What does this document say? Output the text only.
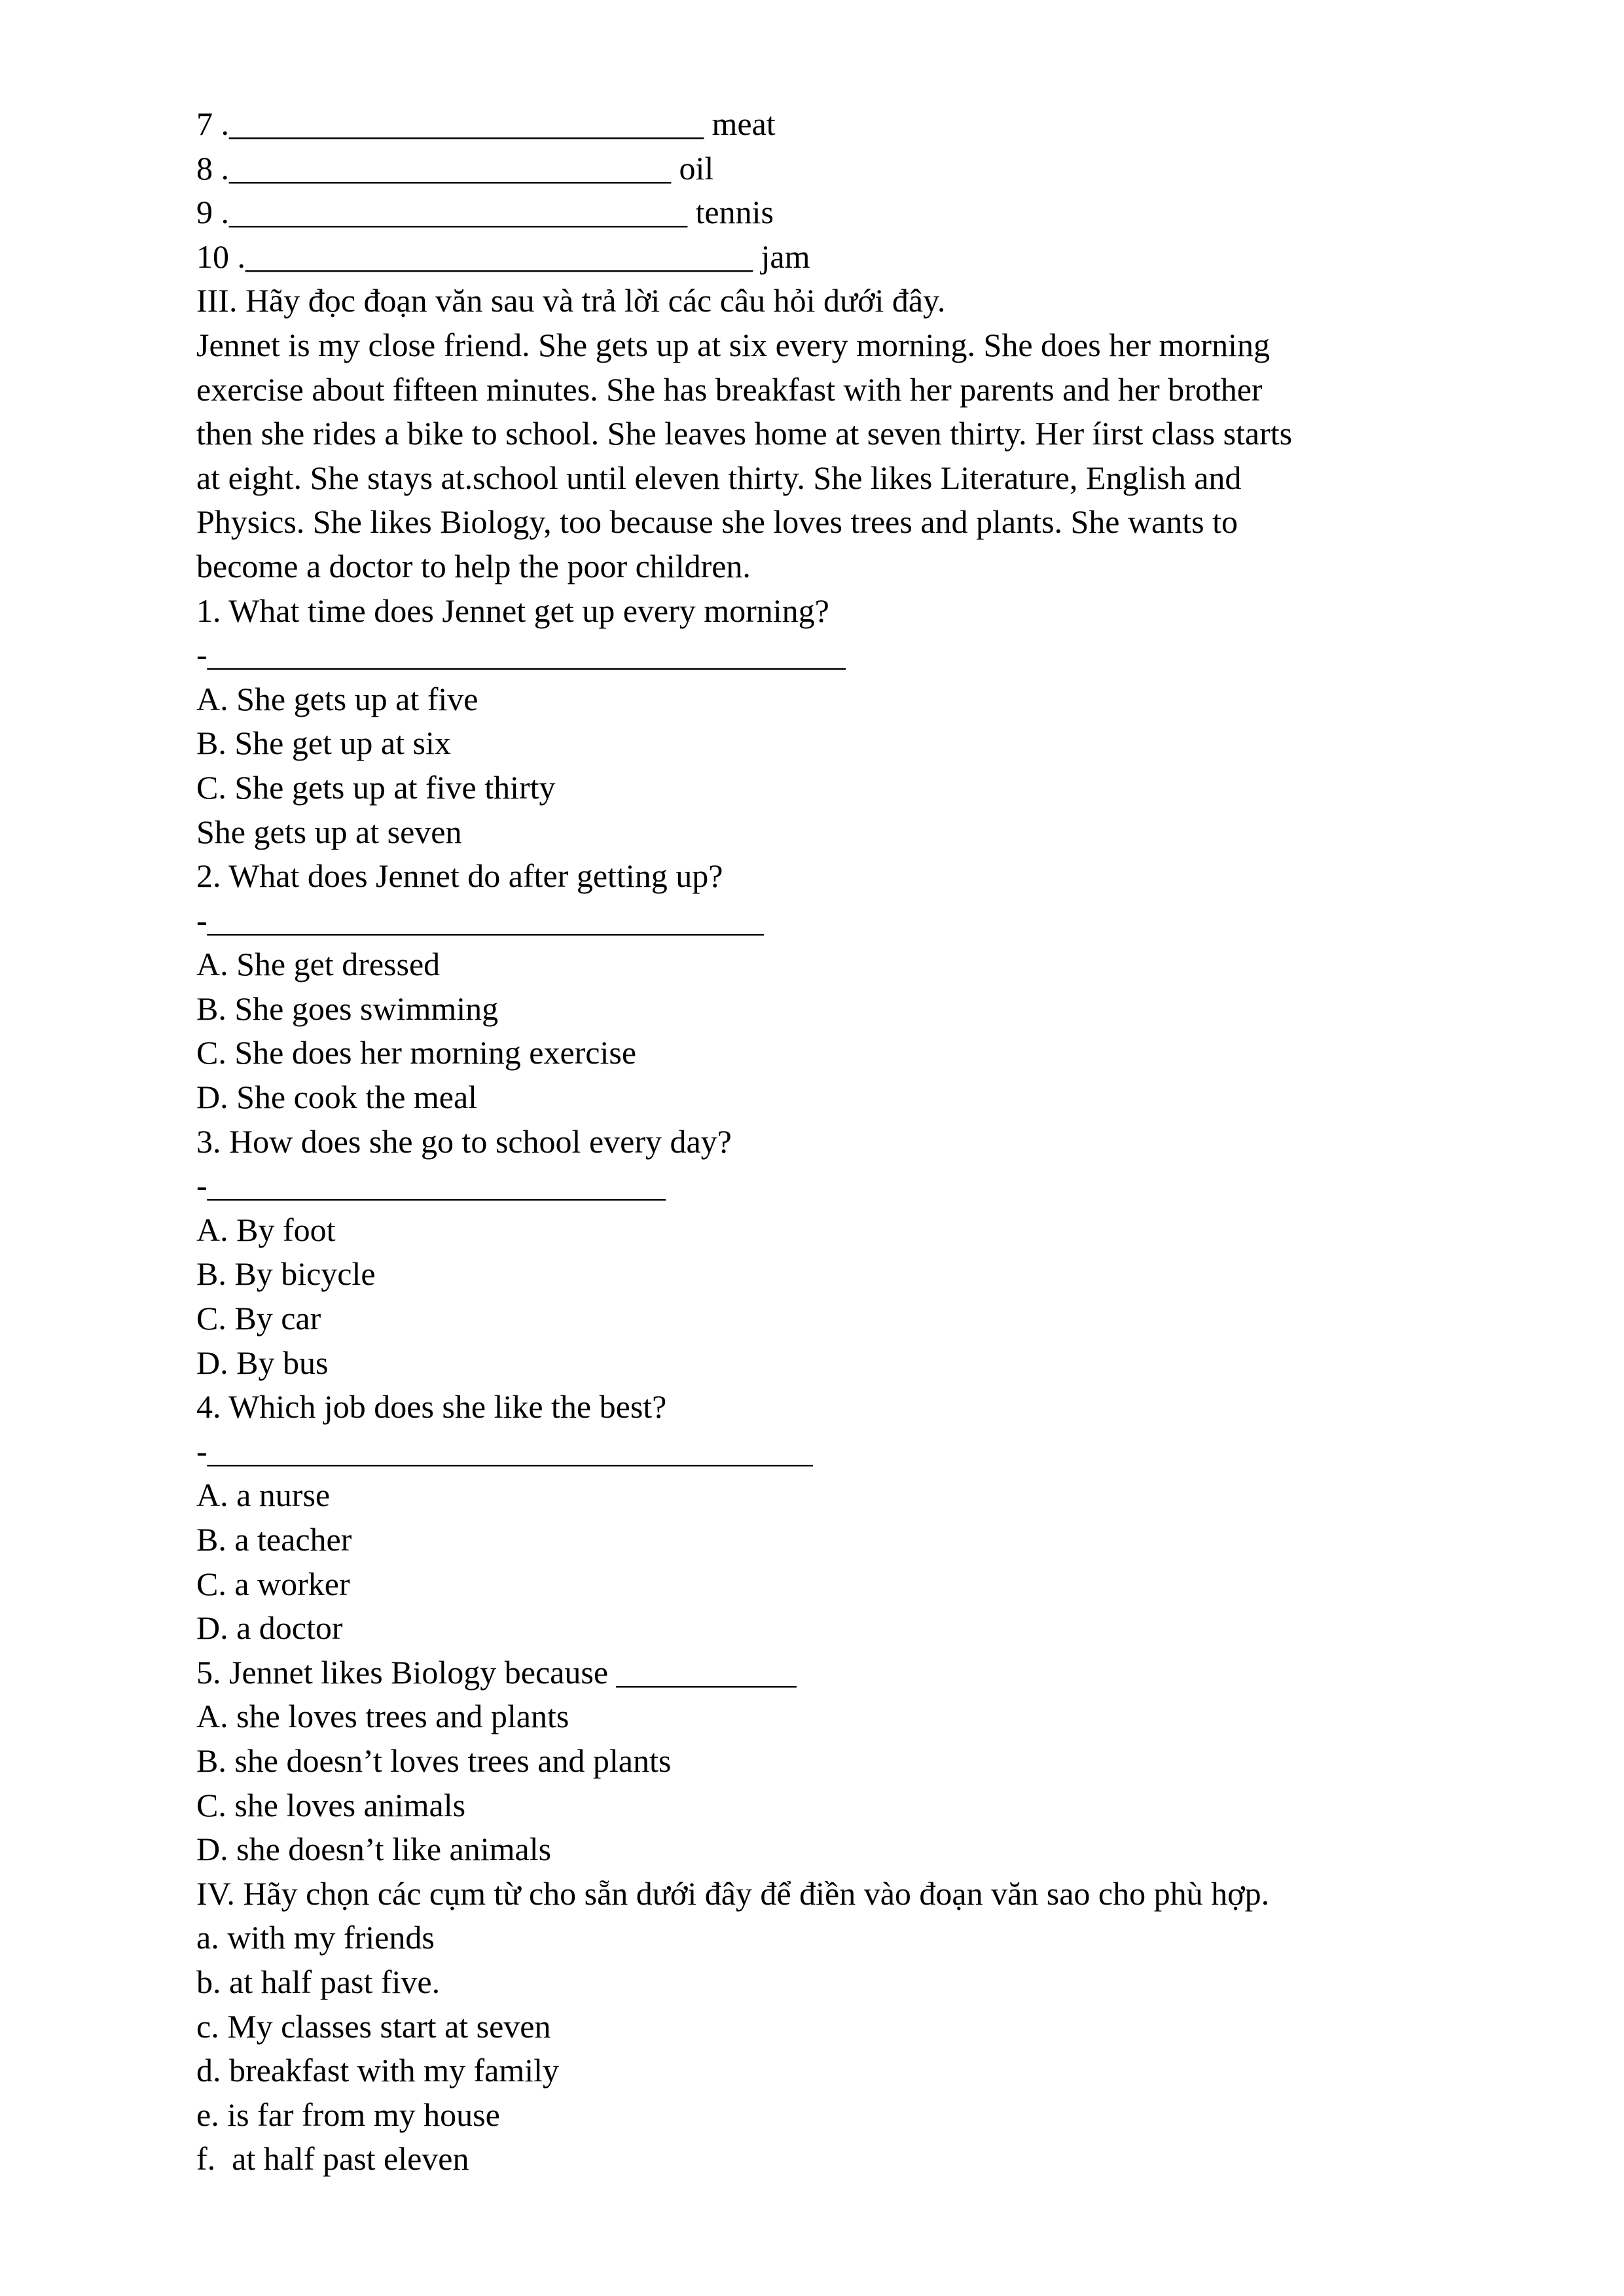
7 ._____________________________ meat
8 .___________________________ oil
9 .____________________________ tennis
10 ._______________________________ jam
III. Hãy đọc đoạn văn sau và trả lời các câu hỏi dưới đây.
Jennet is my close friend. She gets up at six every morning. She does her morning
exercise about fifteen minutes. She has breakfast with her parents and her brother
then she rides a bike to school. She leaves home at seven thirty. Her íirst class starts
at eight. She stays at.school until eleven thirty. She likes Literature, English and
Physics. She likes Biology, too because she loves trees and plants. She wants to
become a doctor to help the poor children.
1. What time does Jennet get up every morning?
-_______________________________________
A. She gets up at five
B. She get up at six
C. She gets up at five thirty
She gets up at seven
2. What does Jennet do after getting up?
-__________________________________
A. She get dressed
B. She goes swimming
C. She does her morning exercise
D. She cook the meal
3. How does she go to school every day?
-____________________________
A. By foot
B. By bicycle
C. By car
D. By bus
4. Which job does she like the best?
-_____________________________________
A. a nurse
B. a teacher
C. a worker
D. a doctor
5. Jennet likes Biology because ___________
A. she loves trees and plants
B. she doesn’t loves trees and plants
C. she loves animals
D. she doesn’t like animals
IV. Hãy chọn các cụm từ cho sẵn dưới đây để điền vào đoạn văn sao cho phù hợp.
a. with my friends
b. at half past five.
c. My classes start at seven
d. breakfast with my family
e. is far from my house
f.  at half past eleven
